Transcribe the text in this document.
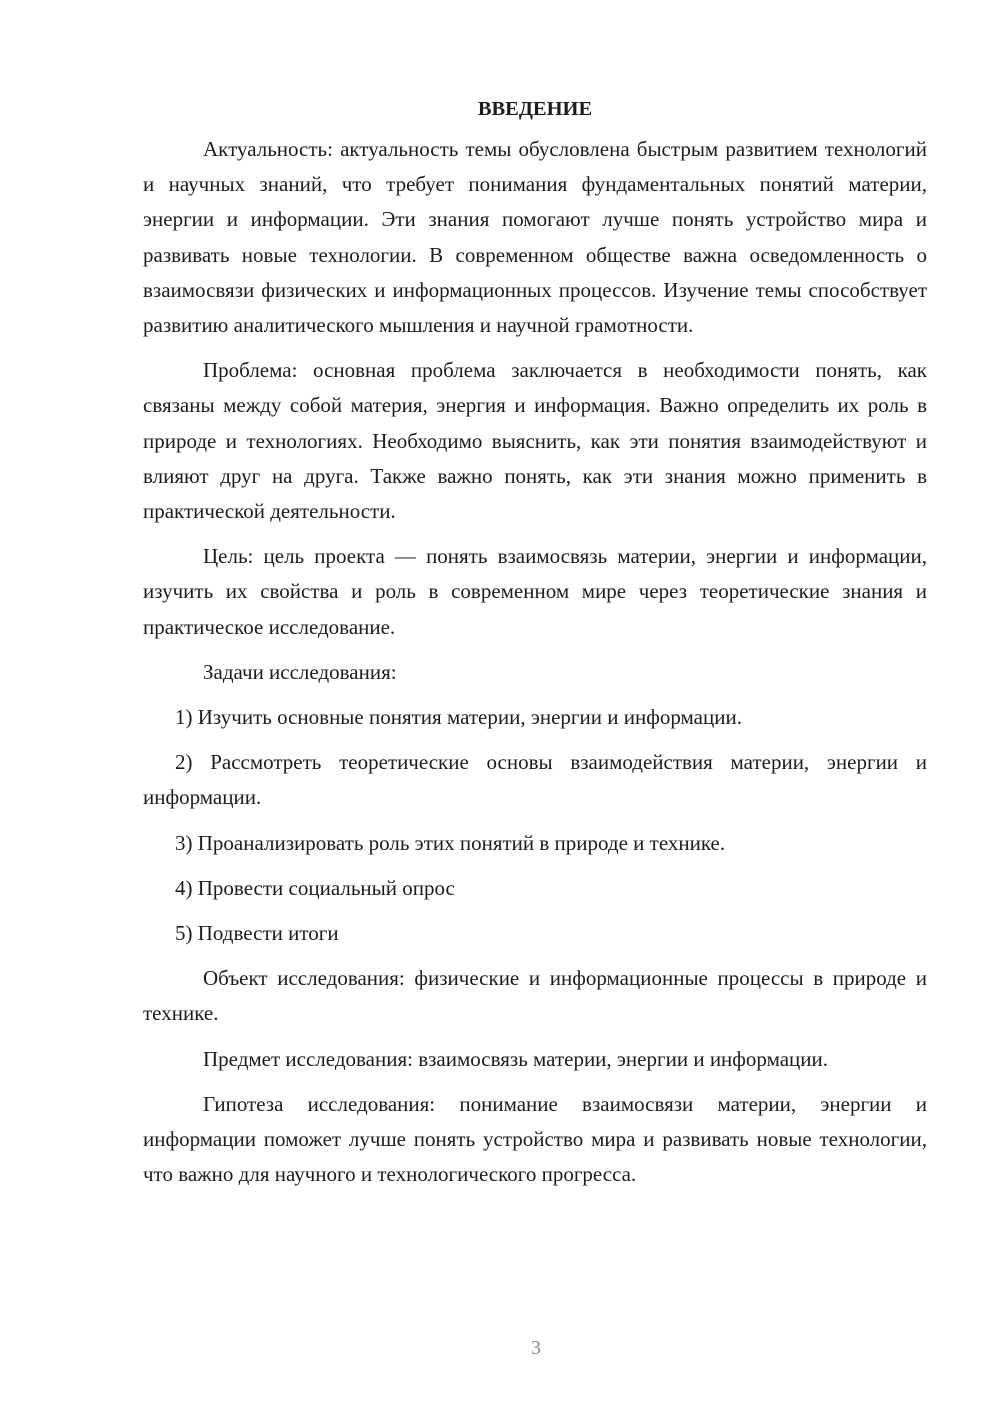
ВВЕДЕНИЕ

Актуальность: актуальность темы обусловлена быстрым развитием технологий и научных знаний, что требует понимания фундаментальных понятий материи, энергии и информации. Эти знания помогают лучше понять устройство мира и развивать новые технологии. В современном обществе важна осведомленность о взаимосвязи физических и информационных процессов. Изучение темы способствует развитию аналитического мышления и научной грамотности.

Проблема: основная проблема заключается в необходимости понять, как связаны между собой материя, энергия и информация. Важно определить их роль в природе и технологиях. Необходимо выяснить, как эти понятия взаимодействуют и влияют друг на друга. Также важно понять, как эти знания можно применить в практической деятельности.

Цель: цель проекта — понять взаимосвязь материи, энергии и информации, изучить их свойства и роль в современном мире через теоретические знания и практическое исследование.

Задачи исследования:

1) Изучить основные понятия материи, энергии и информации.

2) Рассмотреть теоретические основы взаимодействия материи, энергии и информации.

3) Проанализировать роль этих понятий в природе и технике.

4) Провести социальный опрос

5) Подвести итоги

Объект исследования: физические и информационные процессы в природе и технике.

Предмет исследования: взаимосвязь материи, энергии и информации.

Гипотеза исследования: понимание взаимосвязи материи, энергии и информации поможет лучше понять устройство мира и развивать новые технологии, что важно для научного и технологического прогресса.

3
